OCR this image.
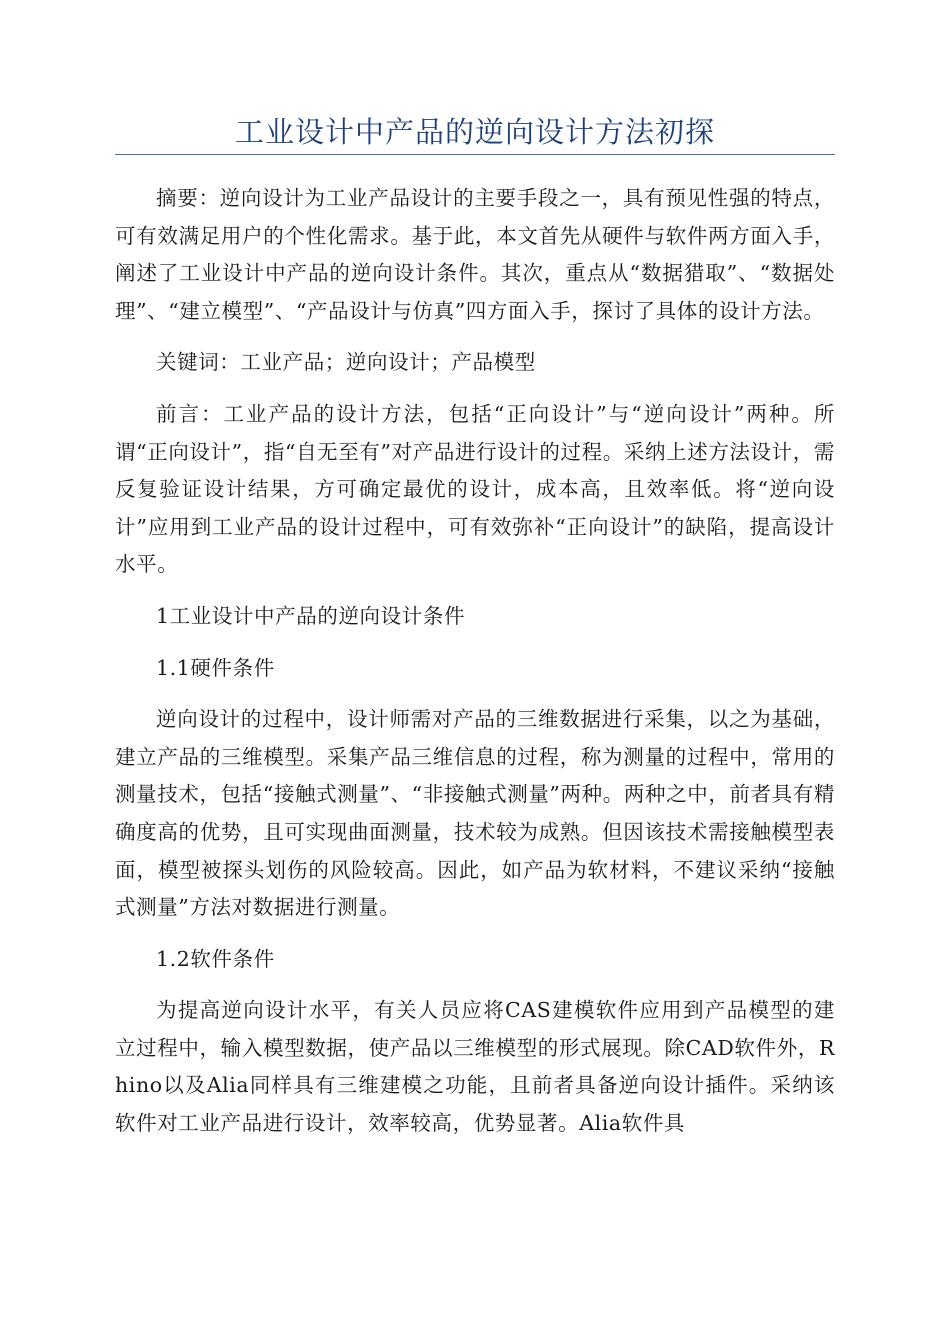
工业设计中产品的逆向设计方法初探

摘要：逆向设计为工业产品设计的主要手段之一，具有预见性强的特点，可有效满足用户的个性化需求。基于此，本文首先从硬件与软件两方面入手，阐述了工业设计中产品的逆向设计条件。其次，重点从“数据猎取”、“数据处理”、“建立模型”、“产品设计与仿真”四方面入手，探讨了具体的设计方法。

关键词：工业产品；逆向设计；产品模型

前言：工业产品的设计方法，包括“正向设计”与“逆向设计”两种。所谓“正向设计”，指“自无至有”对产品进行设计的过程。采纳上述方法设计，需反复验证设计结果，方可确定最优的设计，成本高，且效率低。将“逆向设计”应用到工业产品的设计过程中，可有效弥补“正向设计”的缺陷，提高设计水平。

1工业设计中产品的逆向设计条件

1.1硬件条件

逆向设计的过程中，设计师需对产品的三维数据进行采集，以之为基础，建立产品的三维模型。采集产品三维信息的过程，称为测量的过程中，常用的测量技术，包括“接触式测量”、“非接触式测量”两种。两种之中，前者具有精确度高的优势，且可实现曲面测量，技术较为成熟。但因该技术需接触模型表面，模型被探头划伤的风险较高。因此，如产品为软材料，不建议采纳“接触式测量”方法对数据进行测量。

1.2软件条件

为提高逆向设计水平，有关人员应将CAS建模软件应用到产品模型的建立过程中，输入模型数据，使产品以三维模型的形式展现。除CAD软件外，Rhino以及Alia同样具有三维建模之功能，且前者具备逆向设计插件。采纳该软件对工业产品进行设计，效率较高，优势显著。Alia软件具
